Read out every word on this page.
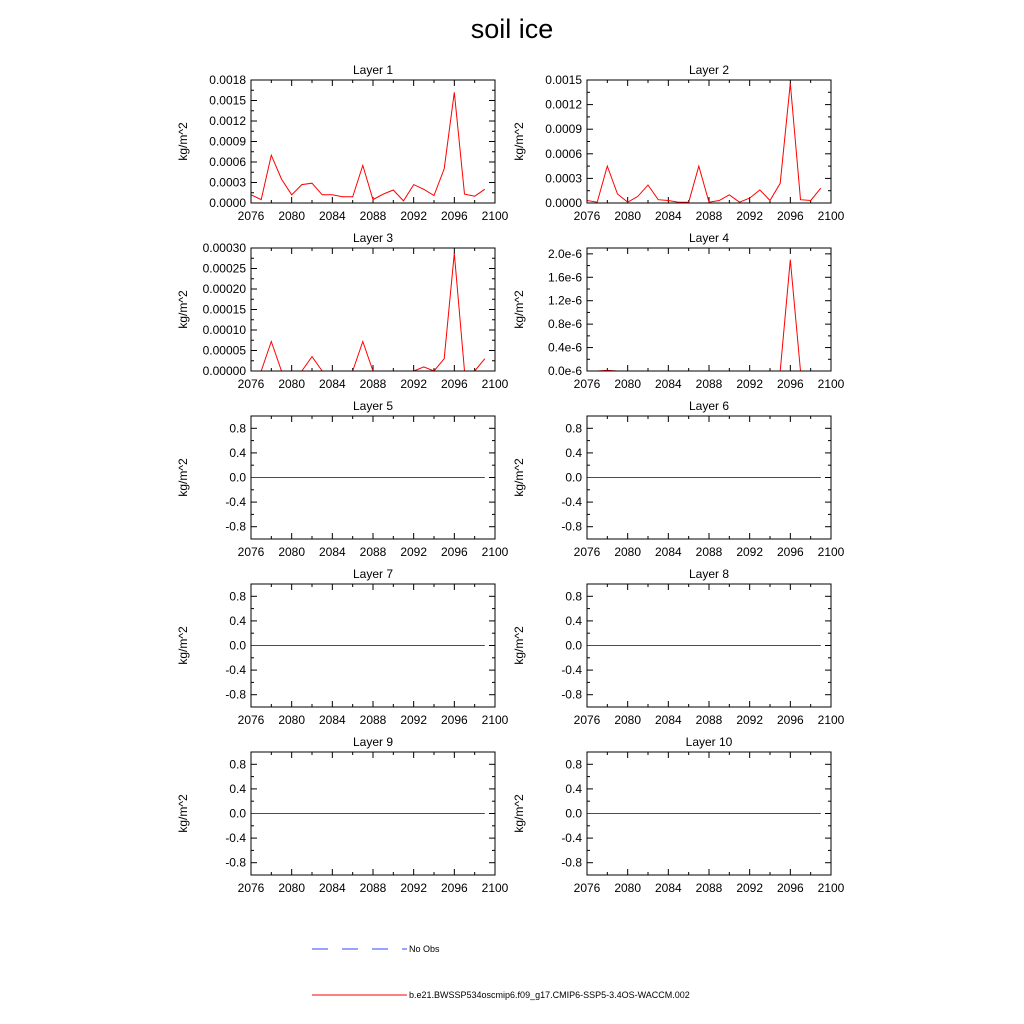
soil ice
Layer 1
kg/m^2
2076 2080 2084 2088 2092 2096 2100
0.0000
0.0003
0.0006
0.0009
0.0012
0.0015
0.0018
Layer 2
kg/m^2
2076 2080 2084 2088 2092 2096 2100
0.0000
0.0003
0.0006
0.0009
0.0012
0.0015
Layer 3
kg/m^2
2076 2080 2084 2088 2092 2096 2100
0.00000
0.00005
0.00010
0.00015
0.00020
0.00025
0.00030
Layer 4
kg/m^2
2076 2080 2084 2088 2092 2096 2100
0.0e-6
0.4e-6
0.8e-6
1.2e-6
1.6e-6
2.0e-6
Layer 5
kg/m^2
2076 2080 2084 2088 2092 2096 2100
-0.8
-0.4
0.0
0.4
0.8
Layer 6
kg/m^2
2076 2080 2084 2088 2092 2096 2100
-0.8
-0.4
0.0
0.4
0.8
Layer 7
kg/m^2
2076 2080 2084 2088 2092 2096 2100
-0.8
-0.4
0.0
0.4
0.8
Layer 8
kg/m^2
2076 2080 2084 2088 2092 2096 2100
-0.8
-0.4
0.0
0.4
0.8
Layer 9
kg/m^2
2076 2080 2084 2088 2092 2096 2100
-0.8
-0.4
0.0
0.4
0.8
Layer 10
kg/m^2
2076 2080 2084 2088 2092 2096 2100
-0.8
-0.4
0.0
0.4
0.8
No Obs
b.e21.BWSSP534oscmip6.f09_g17.CMIP6-SSP5-3.4OS-WACCM.002
